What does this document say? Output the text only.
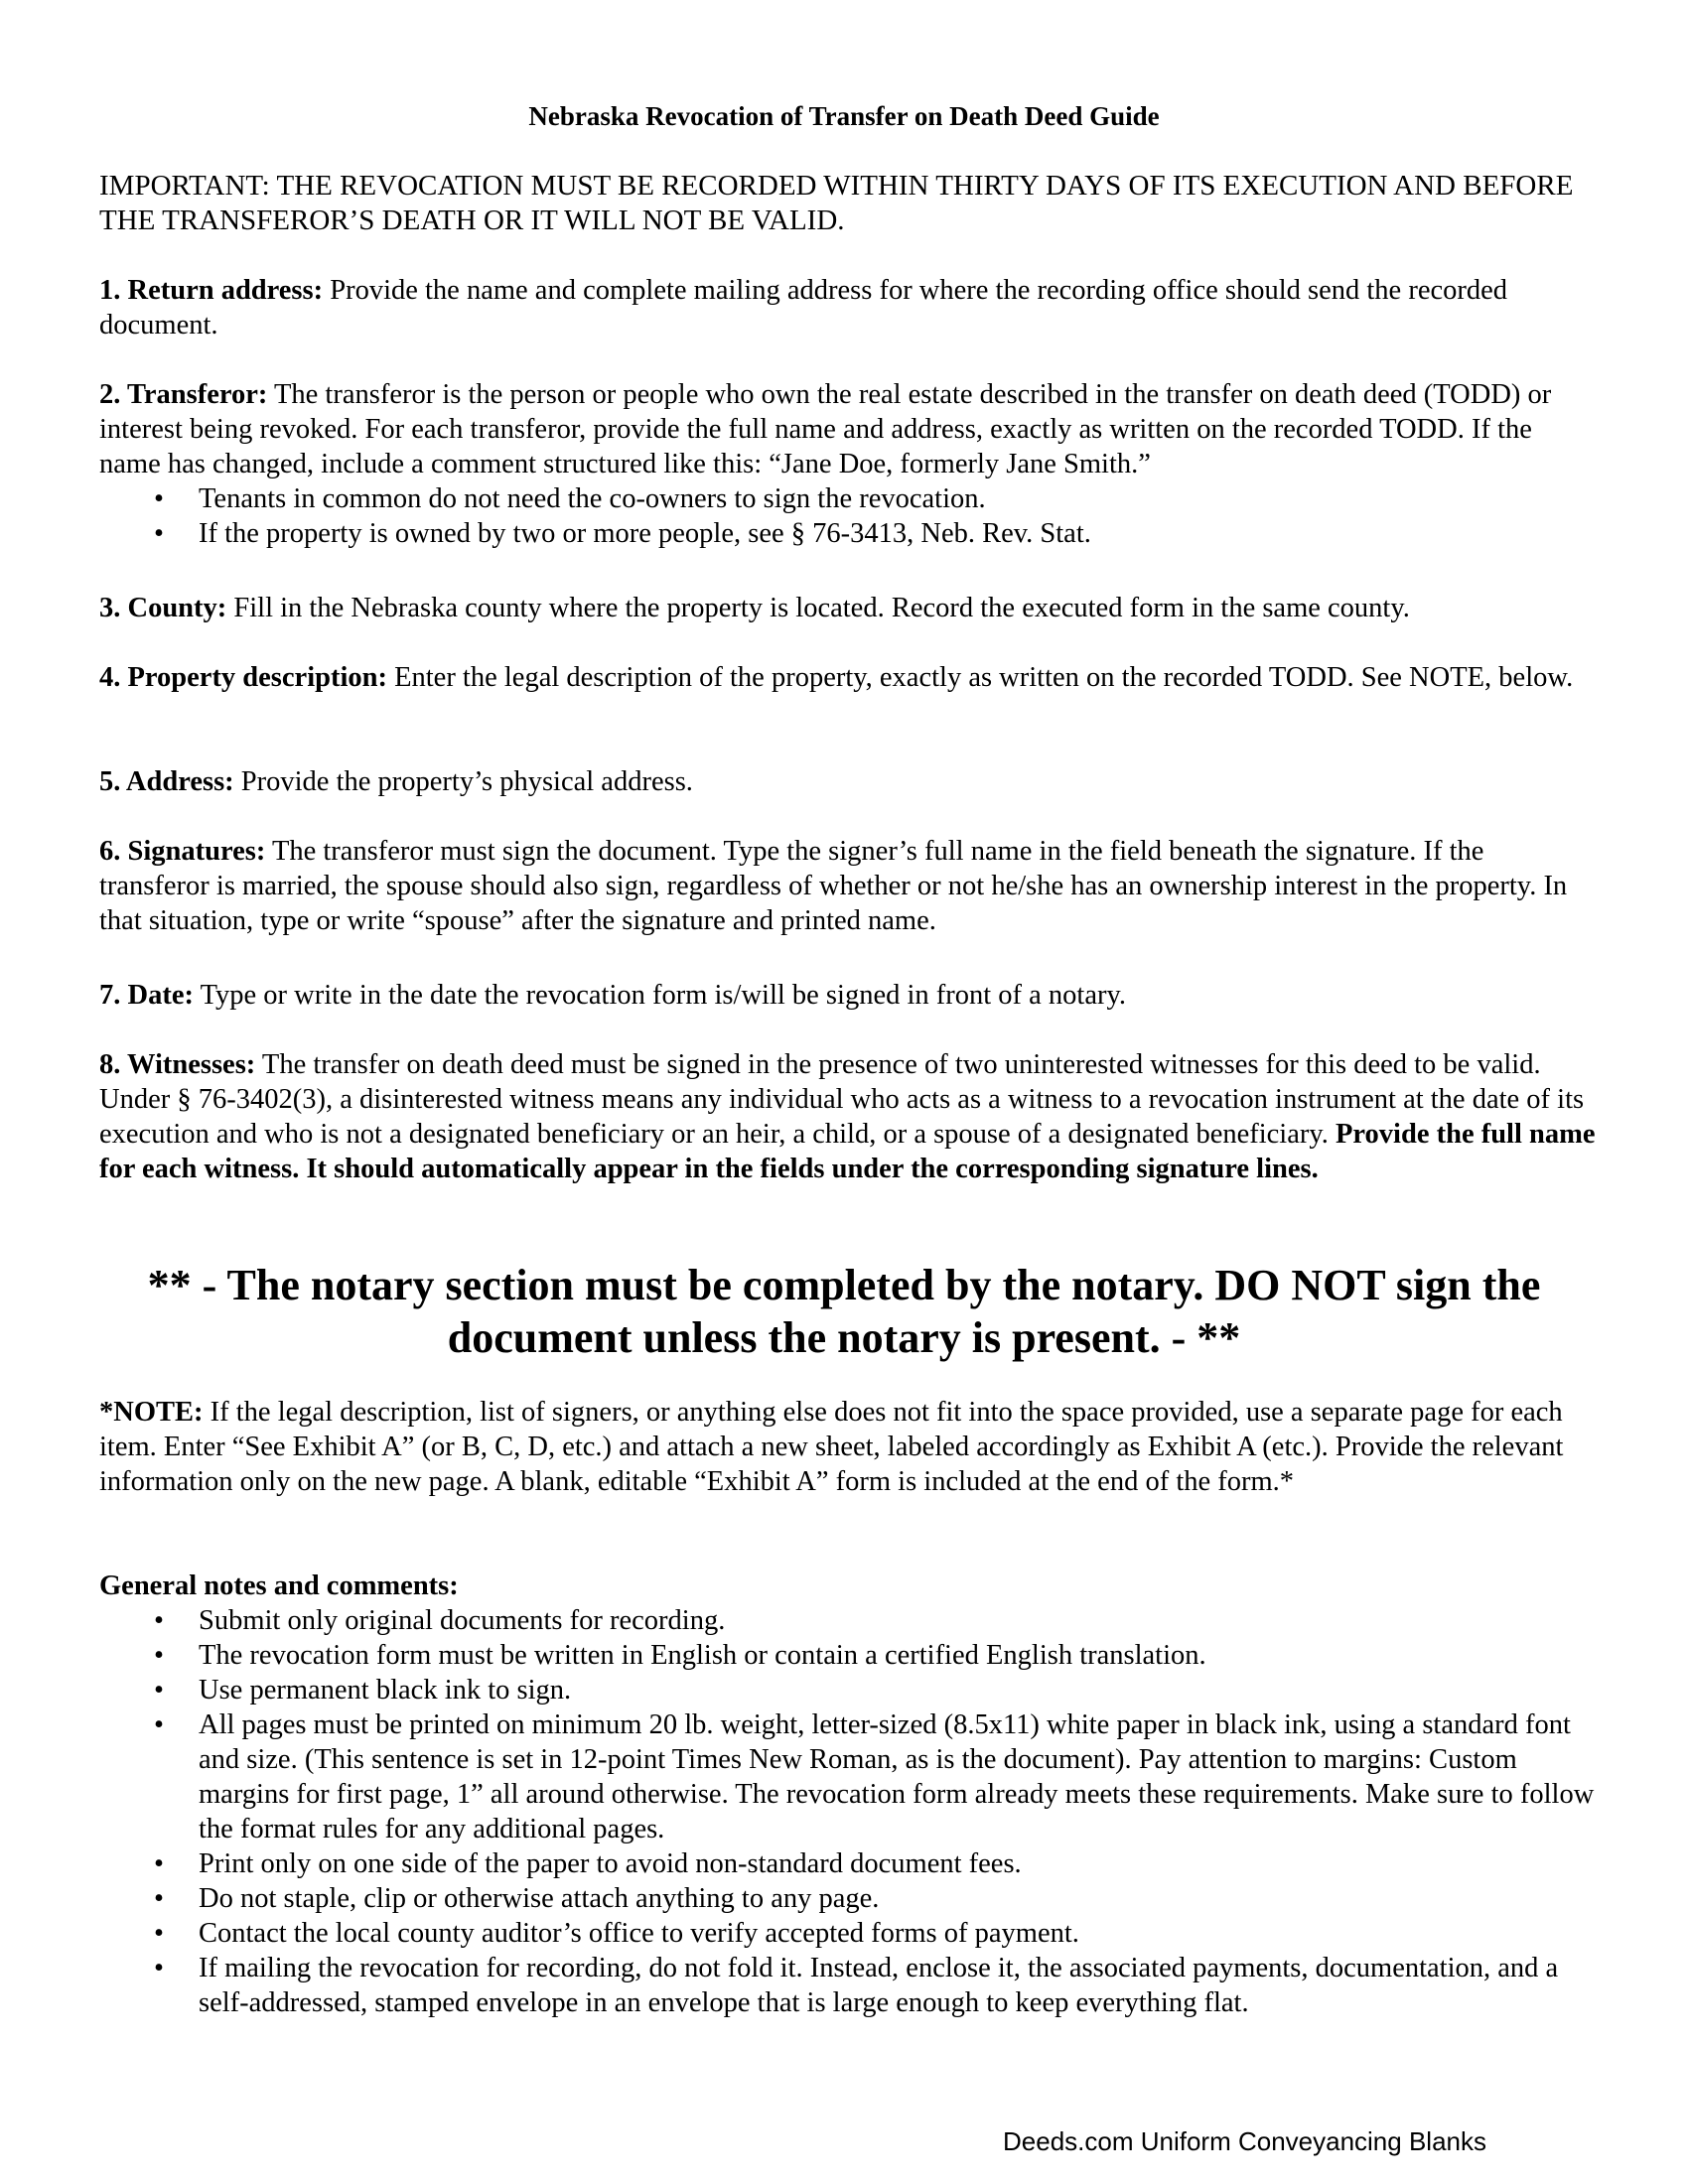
Nebraska Revocation of Transfer on Death Deed Guide
IMPORTANT: THE REVOCATION MUST BE RECORDED WITHIN THIRTY DAYS OF ITS EXECUTION AND BEFORE THE TRANSFEROR’S DEATH OR IT WILL NOT BE VALID.

1. Return address: Provide the name and complete mailing address for where the recording office should send the recorded document.

2. Transferor: The transferor is the person or people who own the real estate described in the transfer on death deed (TODD) or interest being revoked. For each transferor, provide the full name and address, exactly as written on the recorded TODD. If the name has changed, include a comment structured like this: “Jane Doe, formerly Jane Smith.”

• Tenants in common do not need the co-owners to sign the revocation.
• If the property is owned by two or more people, see § 76-3413, Neb. Rev. Stat.

3. County: Fill in the Nebraska county where the property is located. Record the executed form in the same county.

4. Property description: Enter the legal description of the property, exactly as written on the recorded TODD. See NOTE, below.

5. Address: Provide the property’s physical address.

6. Signatures: The transferor must sign the document. Type the signer’s full name in the field beneath the signature. If the transferor is married, the spouse should also sign, regardless of whether or not he/she has an ownership interest in the property. In that situation, type or write “spouse” after the signature and printed name.

7. Date: Type or write in the date the revocation form is/will be signed in front of a notary.

8. Witnesses: The transfer on death deed must be signed in the presence of two uninterested witnesses for this deed to be valid. Under § 76-3402(3), a disinterested witness means any individual who acts as a witness to a revocation instrument at the date of its execution and who is not a designated beneficiary or an heir, a child, or a spouse of a designated beneficiary. Provide the full name for each witness. It should automatically appear in the fields under the corresponding signature lines.

** - The notary section must be completed by the notary. DO NOT sign the document unless the notary is present. - **

*NOTE: If the legal description, list of signers, or anything else does not fit into the space provided, use a separate page for each item. Enter “See Exhibit A” (or B, C, D, etc.) and attach a new sheet, labeled accordingly as Exhibit A (etc.). Provide the relevant information only on the new page. A blank, editable “Exhibit A” form is included at the end of the form.*

General notes and comments:

• Submit only original documents for recording.
• The revocation form must be written in English or contain a certified English translation.
• Use permanent black ink to sign.
• All pages must be printed on minimum 20 lb. weight, letter-sized (8.5x11) white paper in black ink, using a standard font and size. (This sentence is set in 12-point Times New Roman, as is the document). Pay attention to margins: Custom margins for first page, 1” all around otherwise. The revocation form already meets these requirements. Make sure to follow the format rules for any additional pages.
• Print only on one side of the paper to avoid non-standard document fees.
• Do not staple, clip or otherwise attach anything to any page.
• Contact the local county auditor’s office to verify accepted forms of payment.
• If mailing the revocation for recording, do not fold it. Instead, enclose it, the associated payments, documentation, and a self-addressed, stamped envelope in an envelope that is large enough to keep everything flat.
Deeds.com Uniform Conveyancing Blanks
